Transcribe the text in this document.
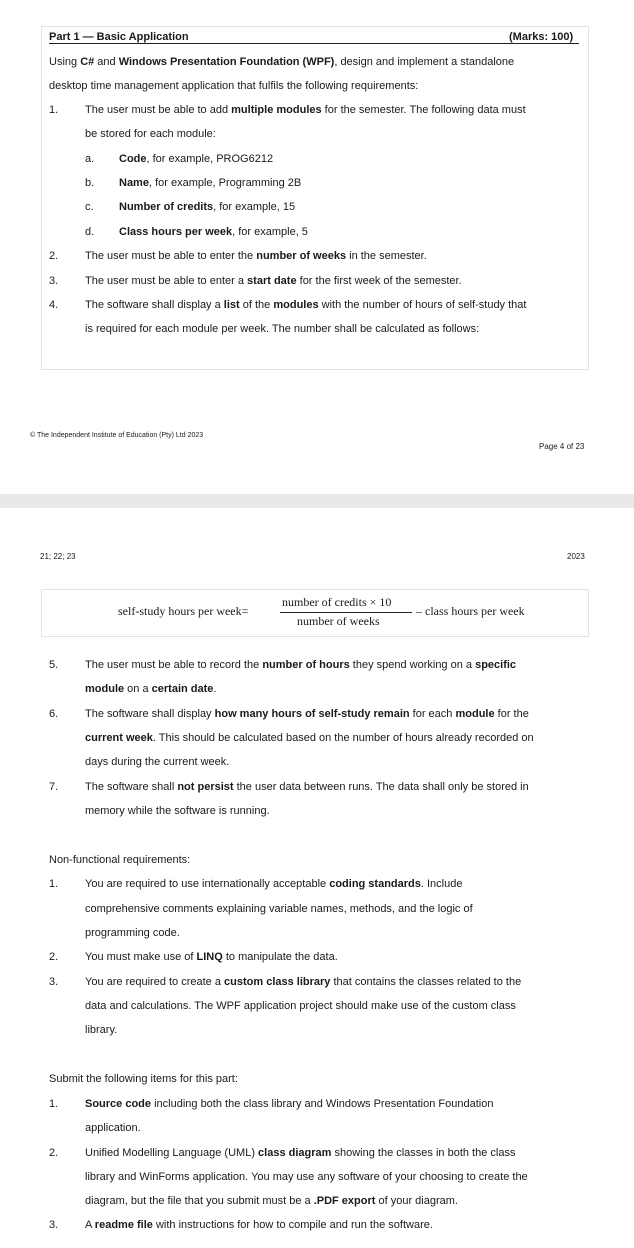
Part 1 — Basic Application	(Marks: 100)
Using C# and Windows Presentation Foundation (WPF), design and implement a standalone
desktop time management application that fulfils the following requirements:
1. The user must be able to add multiple modules for the semester. The following data must
be stored for each module:
a. Code, for example, PROG6212
b. Name, for example, Programming 2B
c. Number of credits, for example, 15
d. Class hours per week, for example, 5
2. The user must be able to enter the number of weeks in the semester.
3. The user must be able to enter a start date for the first week of the semester.
4. The software shall display a list of the modules with the number of hours of self-study that
is required for each module per week. The number shall be calculated as follows:
© The Independent Institute of Education (Pty) Ltd 2023
Page 4 of 23
21; 22; 23	2023
self-study hours per week=
number of credits × 10
number of weeks
– class hours per week
5. The user must be able to record the number of hours they spend working on a specific
module on a certain date.
6. The software shall display how many hours of self-study remain for each module for the
current week. This should be calculated based on the number of hours already recorded on
days during the current week.
7. The software shall not persist the user data between runs. The data shall only be stored in
memory while the software is running.
Non-functional requirements:
1. You are required to use internationally acceptable coding standards. Include
comprehensive comments explaining variable names, methods, and the logic of
programming code.
2. You must make use of LINQ to manipulate the data.
3. You are required to create a custom class library that contains the classes related to the
data and calculations. The WPF application project should make use of the custom class
library.
Submit the following items for this part:
1. Source code including both the class library and Windows Presentation Foundation
application.
2. Unified Modelling Language (UML) class diagram showing the classes in both the class
library and WinForms application. You may use any software of your choosing to create the
diagram, but the file that you submit must be a .PDF export of your diagram.
3. A readme file with instructions for how to compile and run the software.
